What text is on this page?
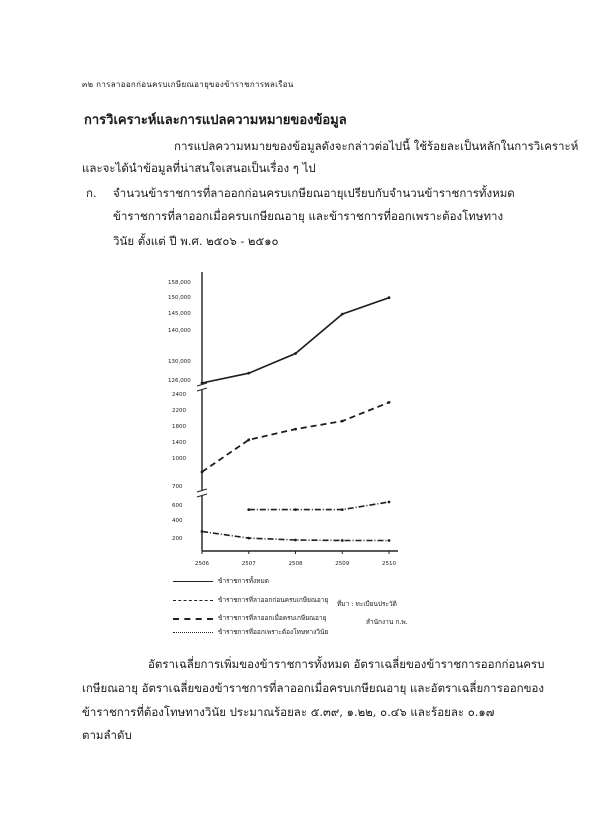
๓๒ การลาออกก่อนครบเกษียณอายุของข้าราชการพลเรือน
การวิเคราะห์และการแปลความหมายของข้อมูล
การแปลความหมายของข้อมูลดังจะกล่าวต่อไปนี้ ใช้ร้อยละเป็นหลักในการวิเคราะห์
และจะได้นำข้อมูลที่น่าสนใจเสนอเป็นเรื่อง ๆ ไป
ก. จำนวนข้าราชการที่ลาออกก่อนครบเกษียณอายุเปรียบกับจำนวนข้าราชการทั้งหมด
ข้าราชการที่ลาออกเมื่อครบเกษียณอายุ และข้าราชการที่ออกเพราะต้องโทษทาง
วินัย ตั้งแต่ ปี พ.ศ. ๒๕๐๖ - ๒๕๑๐
158,000
150,000
145,000
140,000
130,000
126,000
2400
2200
1800
1400
1000
700
600
400
200
2506	2507	2508	2509	2510
ข้าราชการทั้งหมด
ข้าราชการที่ลาออกก่อนครบเกษียณอายุ
ข้าราชการที่ลาออกเมื่อครบเกษียณอายุ
ข้าราชการที่ออกเพราะต้องโทษทางวินัย
ที่มา : ทะเบียนประวัติ
สำนักงาน ก.พ.
อัตราเฉลี่ยการเพิ่มของข้าราชการทั้งหมด อัตราเฉลี่ยของข้าราชการออกก่อนครบ
เกษียณอายุ อัตราเฉลี่ยของข้าราชการที่ลาออกเมื่อครบเกษียณอายุ และอัตราเฉลี่ยการออกของ
ข้าราชการที่ต้องโทษทางวินัย ประมาณร้อยละ ๕.๓๙, ๑.๒๒, ๐.๔๖ และร้อยละ ๐.๑๗
ตามลำดับ
